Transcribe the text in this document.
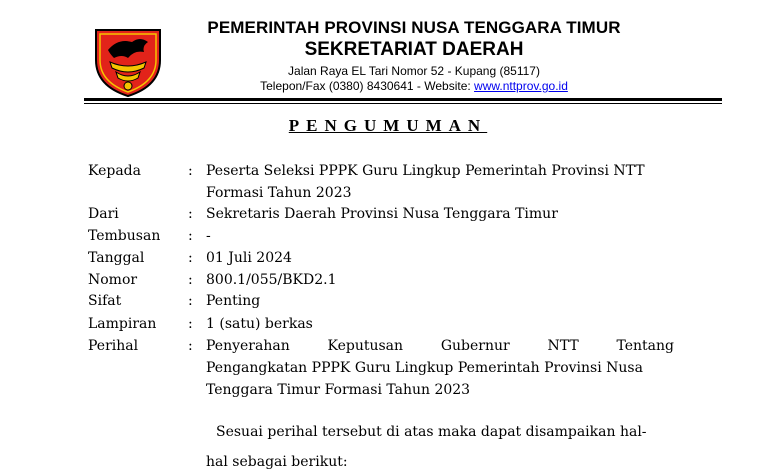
PEMERINTAH PROVINSI NUSA TENGGARA TIMUR
SEKRETARIAT DAERAH
Jalan Raya EL Tari Nomor 52 - Kupang (85117)
Telepon/Fax (0380) 8430641 - Website: www.nttprov.go.id
PENGUMUMAN
Kepada	: Peserta Seleksi PPPK Guru Lingkup Pemerintah Provinsi NTT
Formasi Tahun 2023
Dari	: Sekretaris Daerah Provinsi Nusa Tenggara Timur
Tembusan	: -
Tanggal	: 01 Juli 2024
Nomor	: 800.1/055/BKD2.1
Sifat	: Penting
Lampiran	: 1 (satu) berkas
Perihal	: Penyerahan Keputusan Gubernur NTT Tentang
Pengangkatan PPPK Guru Lingkup Pemerintah Provinsi Nusa
Tenggara Timur Formasi Tahun 2023
Sesuai perihal tersebut di atas maka dapat disampaikan hal-
hal sebagai berikut:
